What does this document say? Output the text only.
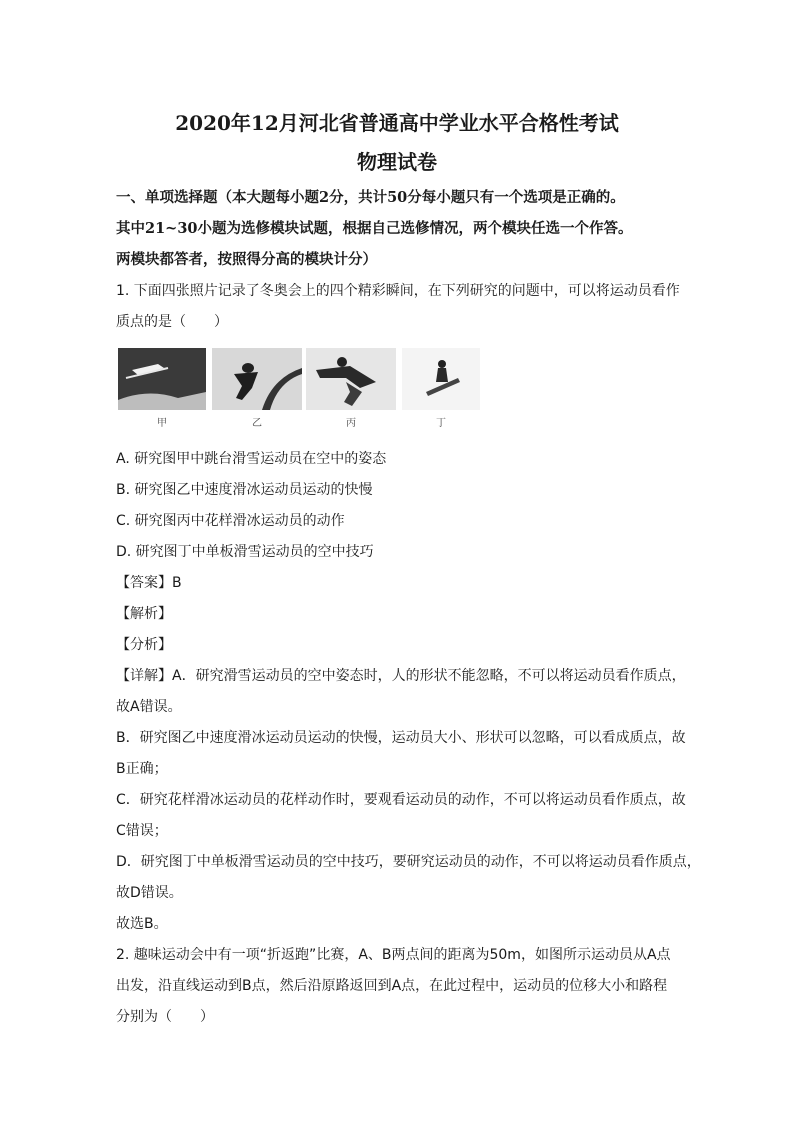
2020年12月河北省普通高中学业水平合格性考试
物理试卷
一、单项选择题（本大题每小题2分，共计50分每小题只有一个选项是正确的。
其中21~30小题为选修模块试题，根据自己选修情况，两个模块任选一个作答。
两模块都答者，按照得分高的模块计分）
1. 下面四张照片记录了冬奥会上的四个精彩瞬间，在下列研究的问题中，可以将运动员看作
质点的是（　　）
甲	乙	丙	丁
A. 研究图甲中跳台滑雪运动员在空中的姿态
B. 研究图乙中速度滑冰运动员运动的快慢
C. 研究图丙中花样滑冰运动员的动作
D. 研究图丁中单板滑雪运动员的空中技巧
【答案】B
【解析】
【分析】
【详解】A．研究滑雪运动员的空中姿态时，人的形状不能忽略，不可以将运动员看作质点，
故A错误。
B．研究图乙中速度滑冰运动员运动的快慢，运动员大小、形状可以忽略，可以看成质点，故
B正确；
C．研究花样滑冰运动员的花样动作时，要观看运动员的动作，不可以将运动员看作质点，故
C错误；
D．研究图丁中单板滑雪运动员的空中技巧，要研究运动员的动作，不可以将运动员看作质点，
故D错误。
故选B。
2. 趣味运动会中有一项“折返跑”比赛，A、B两点间的距离为50m，如图所示运动员从A点
出发，沿直线运动到B点，然后沿原路返回到A点，在此过程中，运动员的位移大小和路程
分别为（　　）
